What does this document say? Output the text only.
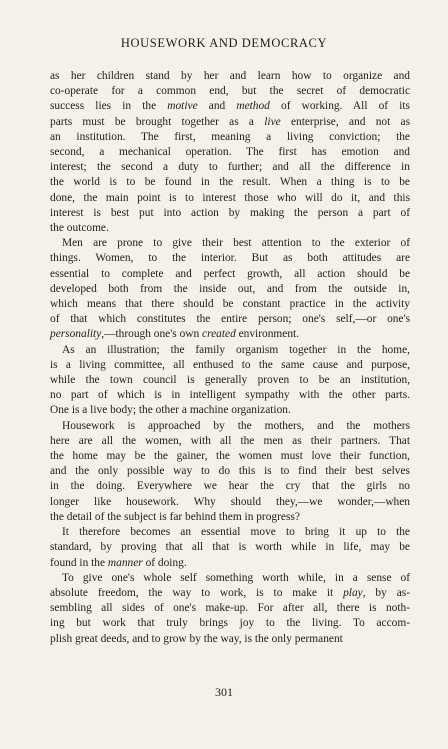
HOUSEWORK AND DEMOCRACY
as her children stand by her and learn how to organize and
co-operate for a common end, but the secret of democratic
success lies in the motive and method of working. All of its
parts must be brought together as a live enterprise, and not as
an institution. The first, meaning a living conviction; the
second, a mechanical operation. The first has emotion and
interest; the second a duty to further; and all the difference in
the world is to be found in the result. When a thing is to be
done, the main point is to interest those who will do it, and this
interest is best put into action by making the person a part of
the outcome.
Men are prone to give their best attention to the exterior of
things. Women, to the interior. But as both attitudes are
essential to complete and perfect growth, all action should be
developed both from the inside out, and from the outside in,
which means that there should be constant practice in the activity
of that which constitutes the entire person; one's self,—or one's
personality,—through one's own created environment.
As an illustration; the family organism together in the home,
is a living committee, all enthused to the same cause and purpose,
while the town council is generally proven to be an institution,
no part of which is in intelligent sympathy with the other parts.
One is a live body; the other a machine organization.
Housework is approached by the mothers, and the mothers
here are all the women, with all the men as their partners. That
the home may be the gainer, the women must love their function,
and the only possible way to do this is to find their best selves
in the doing. Everywhere we hear the cry that the girls no
longer like housework. Why should they,—we wonder,—when
the detail of the subject is far behind them in progress?
It therefore becomes an essential move to bring it up to the
standard, by proving that all that is worth while in life, may be
found in the manner of doing.
To give one's whole self something worth while, in a sense of
absolute freedom, the way to work, is to make it play, by as-
sembling all sides of one's make-up. For after all, there is noth-
ing but work that truly brings joy to the living. To accom-
plish great deeds, and to grow by the way, is the only permanent
301
